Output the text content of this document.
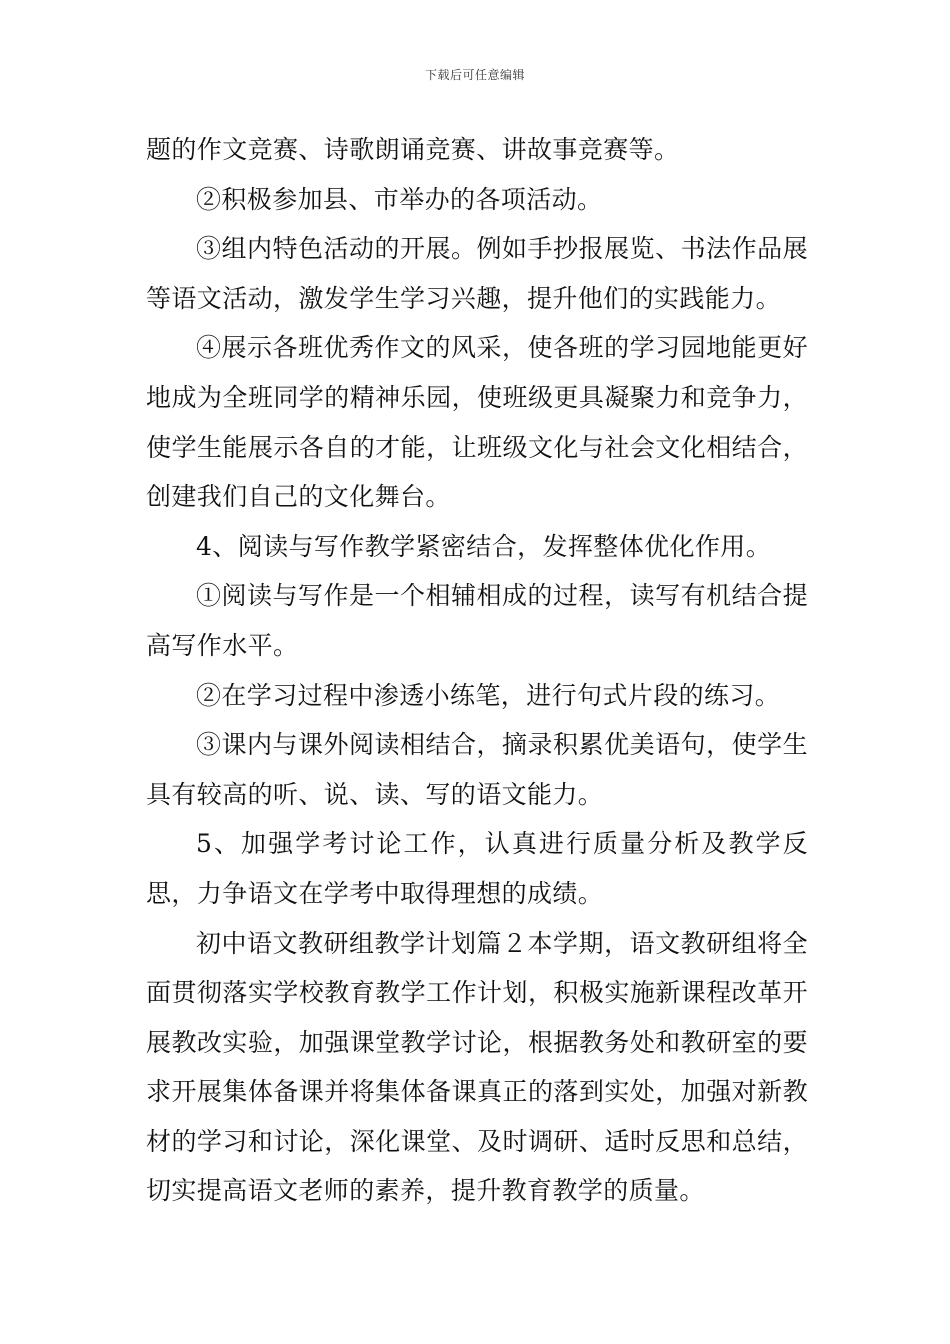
下载后可任意编辑

题的作文竞赛、诗歌朗诵竞赛、讲故事竞赛等。

②积极参加县、市举办的各项活动。

③组内特色活动的开展。例如手抄报展览、书法作品展等语文活动，激发学生学习兴趣，提升他们的实践能力。

④展示各班优秀作文的风采，使各班的学习园地能更好地成为全班同学的精神乐园，使班级更具凝聚力和竞争力，使学生能展示各自的才能，让班级文化与社会文化相结合，创建我们自己的文化舞台。

4、阅读与写作教学紧密结合，发挥整体优化作用。

①阅读与写作是一个相辅相成的过程，读写有机结合提高写作水平。

②在学习过程中渗透小练笔，进行句式片段的练习。

③课内与课外阅读相结合，摘录积累优美语句，使学生具有较高的听、说、读、写的语文能力。

5、加强学考讨论工作，认真进行质量分析及教学反思，力争语文在学考中取得理想的成绩。

初中语文教研组教学计划篇２本学期，语文教研组将全面贯彻落实学校教育教学工作计划，积极实施新课程改革开展教改实验，加强课堂教学讨论，根据教务处和教研室的要求开展集体备课并将集体备课真正的落到实处，加强对新教材的学习和讨论，深化课堂、及时调研、适时反思和总结，切实提高语文老师的素养，提升教育教学的质量。
